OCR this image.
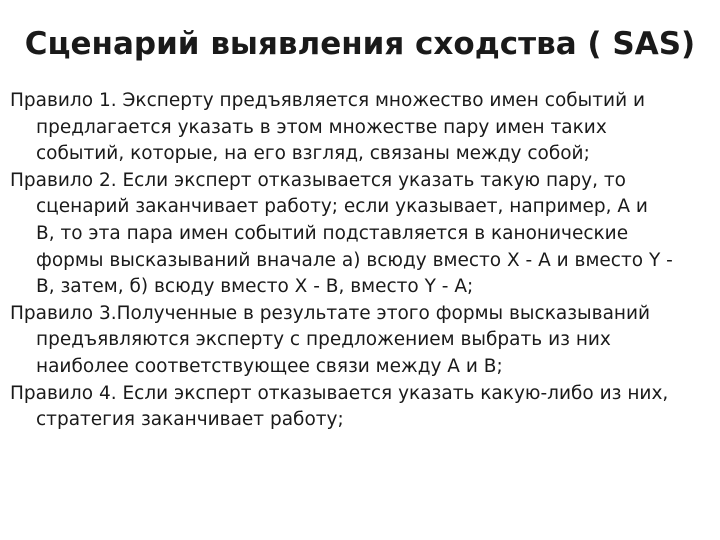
Сценарий выявления сходства ( SAS)
Правило 1. Эксперту предъявляется множество имен событий и
предлагается указать в этом множестве пару имен таких
событий, которые, на его взгляд, связаны между собой;
Правило 2. Если эксперт отказывается указать такую пару, то
сценарий заканчивает работу; если указывает, например, А и
В, то эта пара имен событий подставляется в канонические
формы высказываний вначале а) всюду вместо Х - А и вместо Y -
В, затем, б) всюду вместо Х - В, вместо Y - А;
Правило 3.Полученные в результате этого формы высказываний
предъявляются эксперту с предложением выбрать из них
наиболее соответствующее связи между А и В;
Правило 4. Если эксперт отказывается указать какую-либо из них,
стратегия заканчивает работу;
